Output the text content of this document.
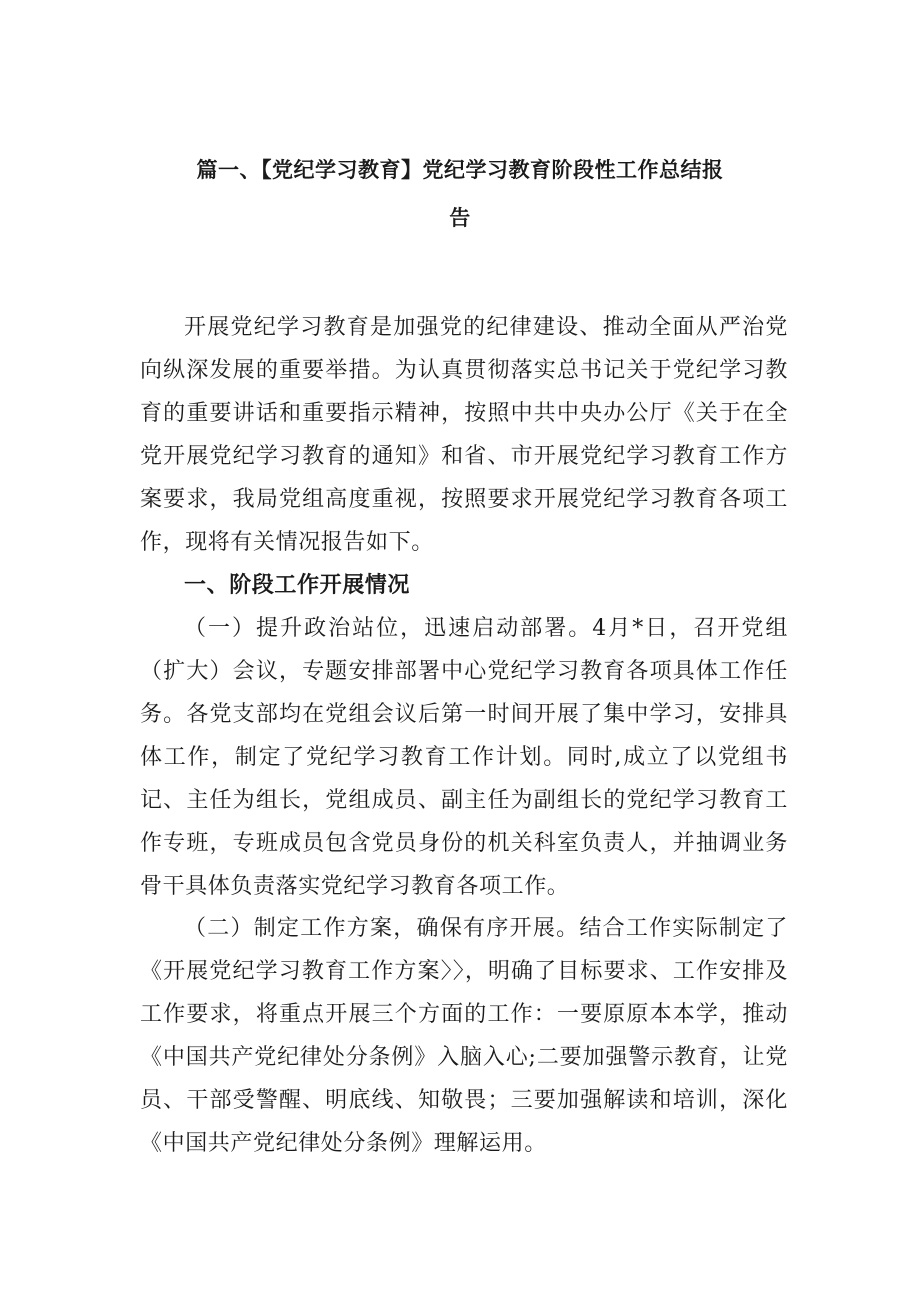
篇一、【党纪学习教育】党纪学习教育阶段性工作总结报
告
开展党纪学习教育是加强党的纪律建设、推动全面从严治党向纵深发展的重要举措。为认真贯彻落实总书记关于党纪学习教育的重要讲话和重要指示精神，按照中共中央办公厅《关于在全党开展党纪学习教育的通知》和省、市开展党纪学习教育工作方案要求，我局党组高度重视，按照要求开展党纪学习教育各项工作，现将有关情况报告如下。
一、阶段工作开展情况
（一）提升政治站位，迅速启动部署。4月*日，召开党组（扩大）会议，专题安排部署中心党纪学习教育各项具体工作任务。各党支部均在党组会议后第一时间开展了集中学习，安排具体工作，制定了党纪学习教育工作计划。同时,成立了以党组书记、主任为组长，党组成员、副主任为副组长的党纪学习教育工作专班，专班成员包含党员身份的机关科室负责人，并抽调业务骨干具体负责落实党纪学习教育各项工作。
（二）制定工作方案，确保有序开展。结合工作实际制定了《开展党纪学习教育工作方案〉〉，明确了目标要求、工作安排及工作要求，将重点开展三个方面的工作：一要原原本本学，推动《中国共产党纪律处分条例》入脑入心;二要加强警示教育，让党员、干部受警醒、明底线、知敬畏；三要加强解读和培训，深化《中国共产党纪律处分条例》理解运用。
